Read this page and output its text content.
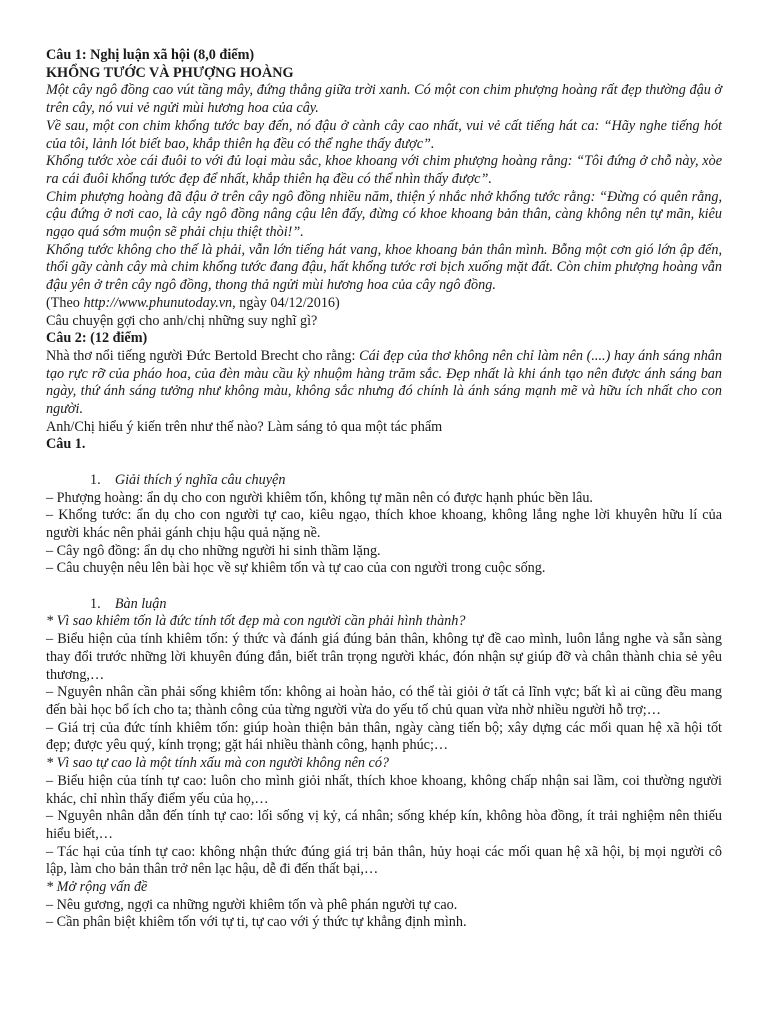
Câu 1: Nghị luận xã hội (8,0 điểm)

KHỔNG TƯỚC VÀ PHƯỢNG HOÀNG

Một cây ngô đồng cao vút tầng mây, đứng thẳng giữa trời xanh. Có một con chim phượng hoàng rất đẹp thường đậu ở trên cây, nó vui vẻ ngửi mùi hương hoa của cây.

Về sau, một con chim khổng tước bay đến, nó đậu ở cành cây cao nhất, vui vẻ cất tiếng hát ca: “Hãy nghe tiếng hót của tôi, lảnh lót biết bao, khắp thiên hạ đều có thể nghe thấy được”.

Khổng tước xòe cái đuôi to với đủ loại màu sắc, khoe khoang với chim phượng hoàng rằng: “Tôi đứng ở chỗ này, xòe ra cái đuôi khổng tước đẹp để nhất, khắp thiên hạ đều có thể nhìn thấy được”.

Chim phượng hoàng đã đậu ở trên cây ngô đồng nhiều năm, thiện ý nhắc nhở khổng tước rằng: “Đừng có quên rằng, cậu đứng ở nơi cao, là cây ngô đồng nâng cậu lên đấy, đừng có khoe khoang bản thân, càng không nên tự mãn, kiêu ngạo quá sớm muộn sẽ phải chịu thiệt thòi!”.

Khổng tước không cho thế là phải, vẫn lớn tiếng hát vang, khoe khoang bản thân mình. Bỗng một cơn gió lớn ập đến, thổi gãy cành cây mà chim khổng tước đang đậu, hất khổng tước rơi bịch xuống mặt đất. Còn chim phượng hoàng vẫn đậu yên ở trên cây ngô đồng, thong thả ngửi mùi hương hoa của cây ngô đồng.

(Theo http://www.phunutoday.vn, ngày 04/12/2016)

Câu chuyện gợi cho anh/chị những suy nghĩ gì?

Câu 2: (12 điểm)

Nhà thơ nổi tiếng người Đức Bertold Brecht cho rằng: Cái đẹp của thơ không nên chỉ làm nên (....) hay ánh sáng nhân tạo rực rỡ của pháo hoa, của đèn màu cầu kỳ nhuộm hàng trăm sắc. Đẹp nhất là khi ánh tạo nên được ánh sáng ban ngày, thứ ánh sáng tưởng như không màu, không sắc nhưng đó chính là ánh sáng mạnh mẽ và hữu ích nhất cho con người.

Anh/Chị hiểu ý kiến trên như thế nào? Làm sáng tỏ qua một tác phẩm

Câu 1.

1. Giải thích ý nghĩa câu chuyện

– Phượng hoàng: ẩn dụ cho con người khiêm tốn, không tự mãn nên có được hạnh phúc bền lâu.

– Khổng tước: ẩn dụ cho con người tự cao, kiêu ngạo, thích khoe khoang, không lắng nghe lời khuyên hữu lí của người khác nên phải gánh chịu hậu quả nặng nề.

– Cây ngô đồng: ẩn dụ cho những người hi sinh thầm lặng.

– Câu chuyện nêu lên bài học về sự khiêm tốn và tự cao của con người trong cuộc sống.

1. Bàn luận

* Vì sao khiêm tốn là đức tính tốt đẹp mà con người cần phải hình thành?

– Biểu hiện của tính khiêm tốn: ý thức và đánh giá đúng bản thân, không tự đề cao mình, luôn lắng nghe và sẵn sàng thay đổi trước những lời khuyên đúng đắn, biết trân trọng người khác, đón nhận sự giúp đỡ và chân thành chia sẻ yêu thương,…

– Nguyên nhân cần phải sống khiêm tốn: không ai hoàn hảo, có thể tài giỏi ở tất cả lĩnh vực; bất kì ai cũng đều mang đến bài học bổ ích cho ta; thành công của từng người vừa do yếu tố chủ quan vừa nhờ nhiều người hỗ trợ;…

– Giá trị của đức tính khiêm tốn: giúp hoàn thiện bản thân, ngày càng tiến bộ; xây dựng các mối quan hệ xã hội tốt đẹp; được yêu quý, kính trọng; gặt hái nhiều thành công, hạnh phúc;…

* Vì sao tự cao là một tính xấu mà con người không nên có?

– Biểu hiện của tính tự cao: luôn cho mình giỏi nhất, thích khoe khoang, không chấp nhận sai lầm, coi thường người khác, chỉ nhìn thấy điểm yếu của họ,…

– Nguyên nhân dẫn đến tính tự cao: lối sống vị kỷ, cá nhân; sống khép kín, không hòa đồng, ít trải nghiệm nên thiếu hiểu biết,…

– Tác hại của tính tự cao: không nhận thức đúng giá trị bản thân, hủy hoại các mối quan hệ xã hội, bị mọi người cô lập, làm cho bản thân trở nên lạc hậu, dễ đi đến thất bại,…

* Mở rộng vấn đề

– Nêu gương, ngợi ca những người khiêm tốn và phê phán người tự cao.

– Cần phân biệt khiêm tốn với tự ti, tự cao với ý thức tự khẳng định mình.
